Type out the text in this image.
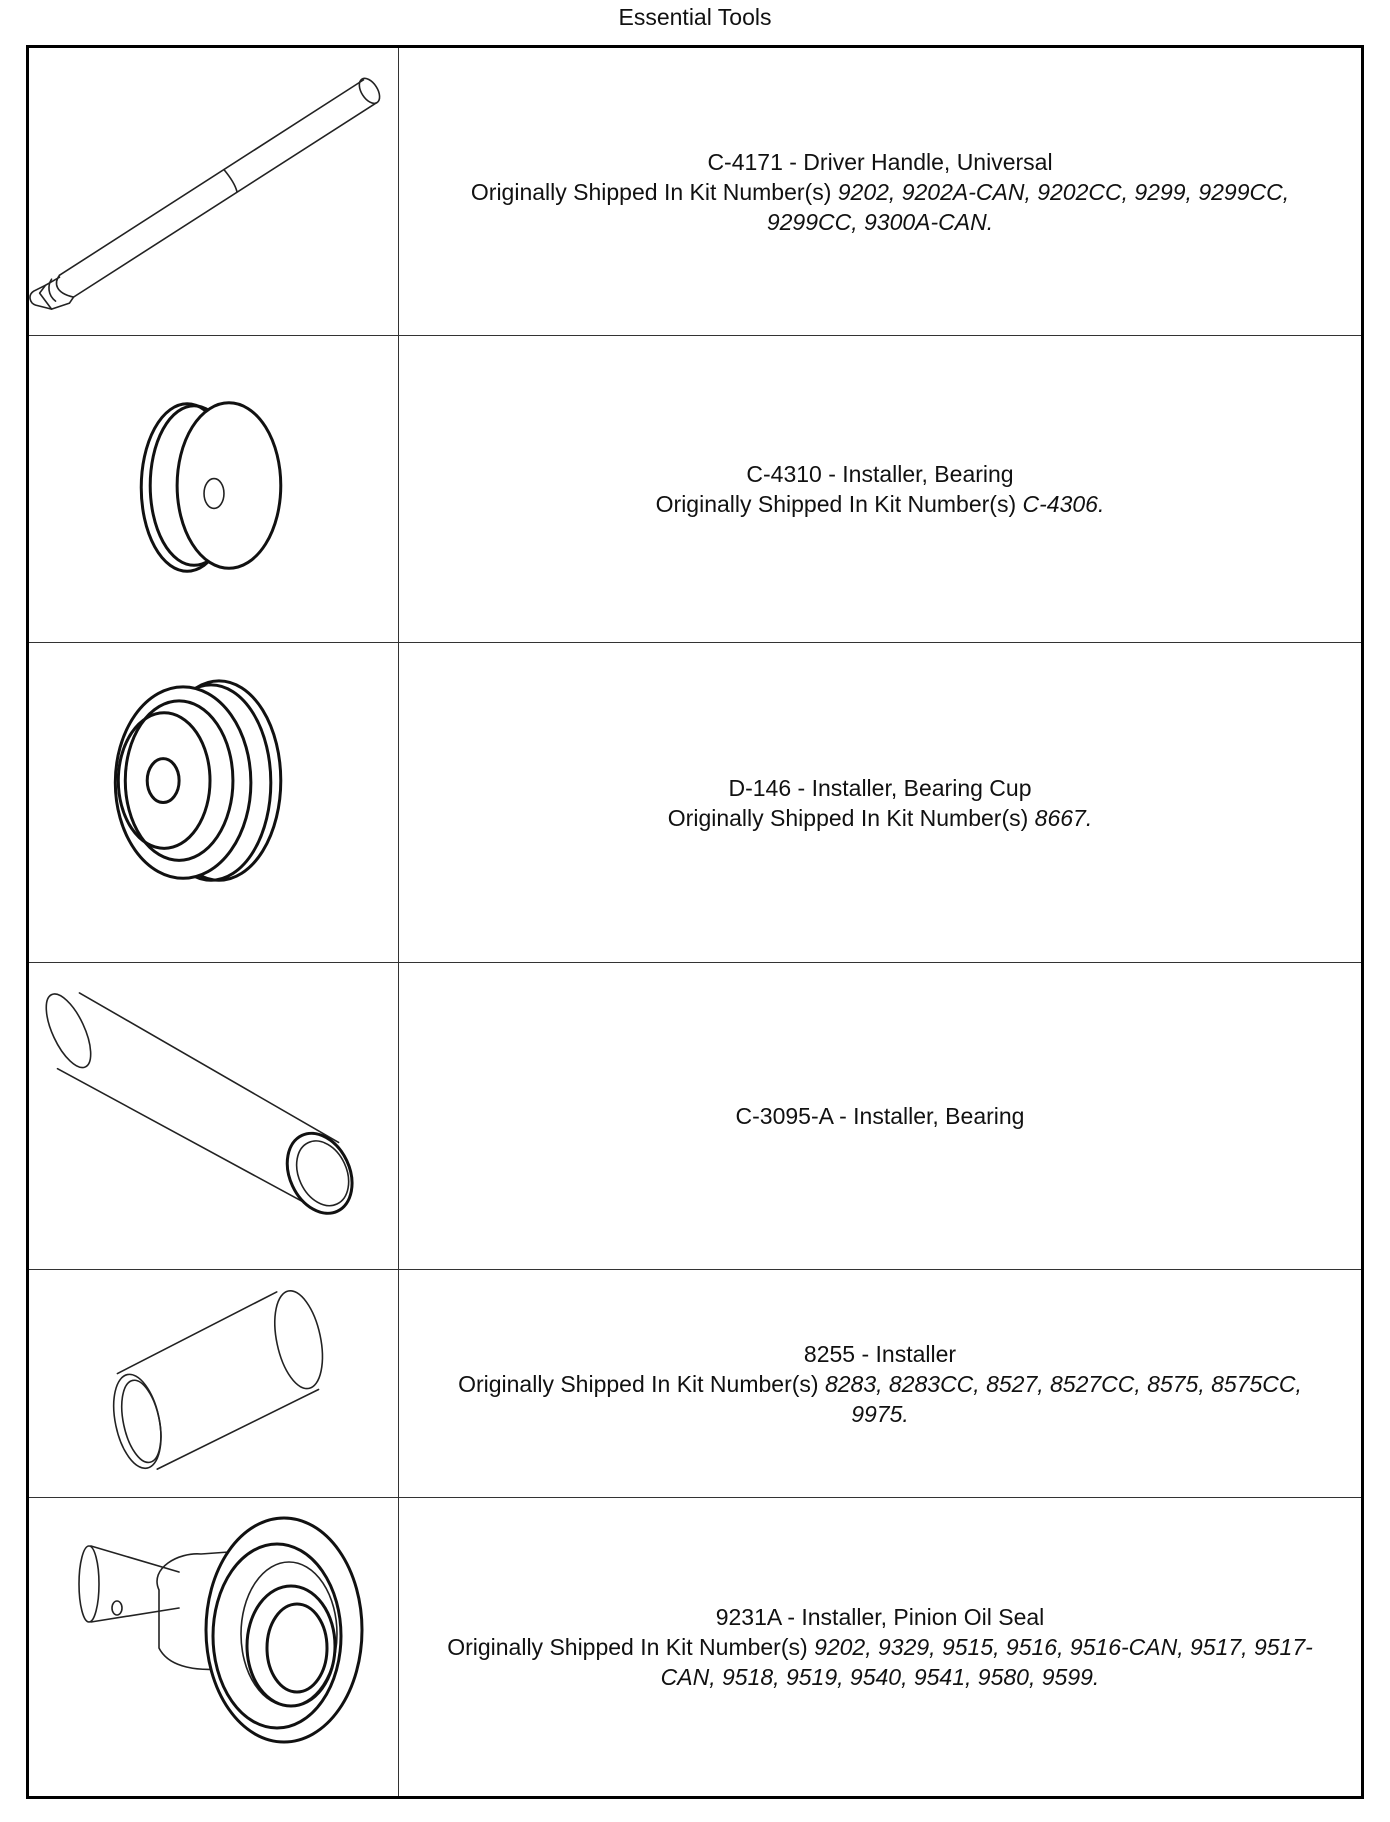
Essential Tools
C-4171 - Driver Handle, Universal
Originally Shipped In Kit Number(s) 9202, 9202A-CAN, 9202CC, 9299, 9299CC, 9299CC, 9300A-CAN.
C-4310 - Installer, Bearing
Originally Shipped In Kit Number(s) C-4306.
D-146 - Installer, Bearing Cup
Originally Shipped In Kit Number(s) 8667.
C-3095-A - Installer, Bearing
8255 - Installer
Originally Shipped In Kit Number(s) 8283, 8283CC, 8527, 8527CC, 8575, 8575CC, 9975.
9231A - Installer, Pinion Oil Seal
Originally Shipped In Kit Number(s) 9202, 9329, 9515, 9516, 9516-CAN, 9517, 9517-CAN, 9518, 9519, 9540, 9541, 9580, 9599.
